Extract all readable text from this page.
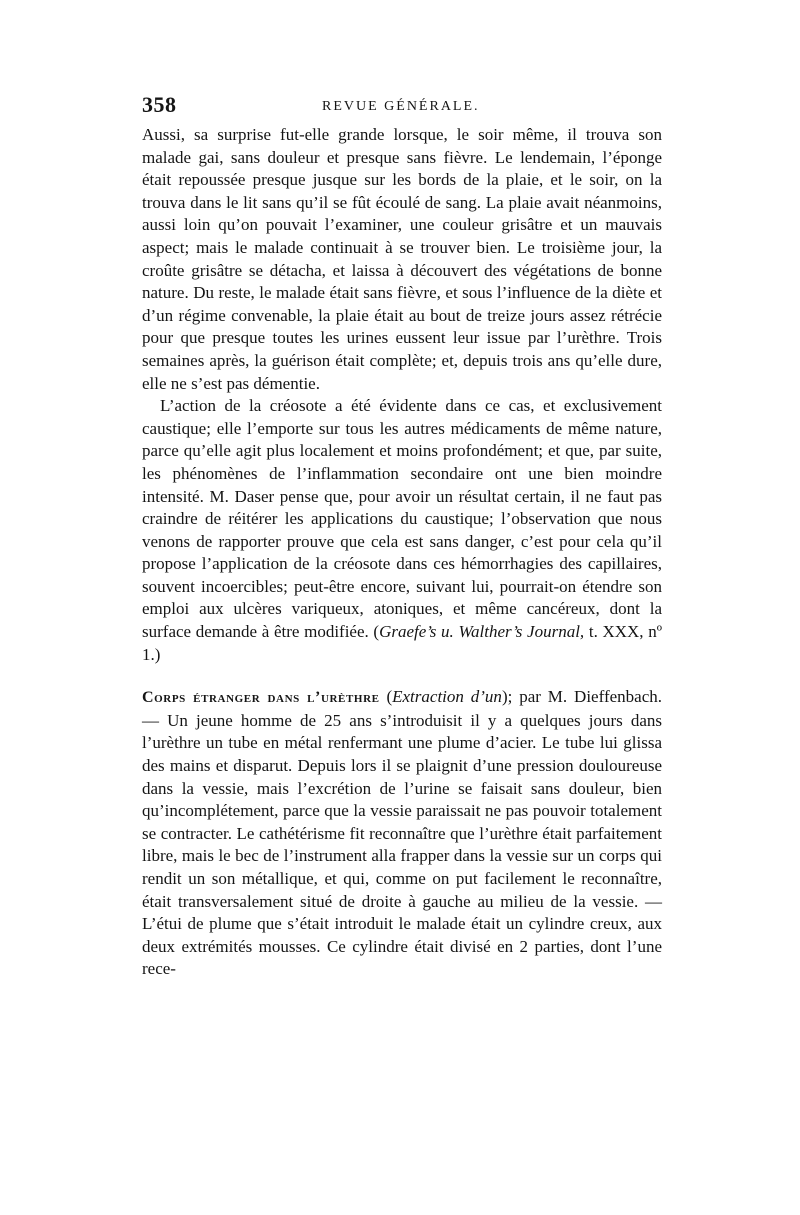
358	REVUE GÉNÉRALE.

Aussi, sa surprise fut-elle grande lorsque, le soir même, il trouva son malade gai, sans douleur et presque sans fièvre. Le lendemain, l’éponge était repoussée presque jusque sur les bords de la plaie, et le soir, on la trouva dans le lit sans qu’il se fût écoulé de sang. La plaie avait néanmoins, aussi loin qu’on pouvait l’examiner, une couleur grisâtre et un mauvais aspect; mais le malade continuait à se trouver bien. Le troisième jour, la croûte grisâtre se détacha, et laissa à découvert des végétations de bonne nature. Du reste, le malade était sans fièvre, et sous l’influence de la diète et d’un régime convenable, la plaie était au bout de treize jours assez rétrécie pour que presque toutes les urines eussent leur issue par l’urèthre. Trois semaines après, la guérison était complète; et, depuis trois ans qu’elle dure, elle ne s’est pas démentie.

L’action de la créosote a été évidente dans ce cas, et exclusivement caustique; elle l’emporte sur tous les autres médicaments de même nature, parce qu’elle agit plus localement et moins profondément; et que, par suite, les phénomènes de l’inflammation secondaire ont une bien moindre intensité. M. Daser pense que, pour avoir un résultat certain, il ne faut pas craindre de réitérer les applications du caustique; l’observation que nous venons de rapporter prouve que cela est sans danger, c’est pour cela qu’il propose l’application de la créosote dans ces hémorrhagies des capillaires, souvent incoercibles; peut-être encore, suivant lui, pourrait-on étendre son emploi aux ulcères variqueux, atoniques, et même cancéreux, dont la surface demande à être modifiée. (Graefe’s u. Walther’s Journal, t. XXX, nº 1.)

Corps étranger dans l’urèthre (Extraction d’un); par M. Dieffenbach. — Un jeune homme de 25 ans s’introduisit il y a quelques jours dans l’urèthre un tube en métal renfermant une plume d’acier. Le tube lui glissa des mains et disparut. Depuis lors il se plaignit d’une pression douloureuse dans la vessie, mais l’excrétion de l’urine se faisait sans douleur, bien qu’incomplétement, parce que la vessie paraissait ne pas pouvoir totalement se contracter. Le cathétérisme fit reconnaître que l’urèthre était parfaitement libre, mais le bec de l’instrument alla frapper dans la vessie sur un corps qui rendit un son métallique, et qui, comme on put facilement le reconnaître, était transversalement situé de droite à gauche au milieu de la vessie. — L’étui de plume que s’était introduit le malade était un cylindre creux, aux deux extrémités mousses. Ce cylindre était divisé en 2 parties, dont l’une rece-
